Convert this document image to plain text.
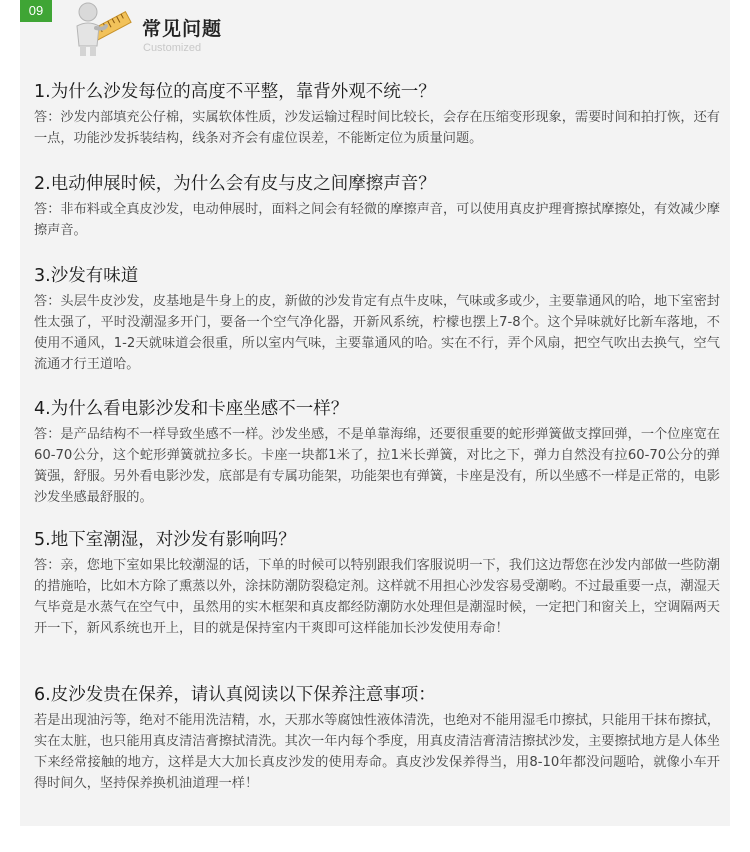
09
常见问题
Customized
1.为什么沙发每位的高度不平整，靠背外观不统一？

答：沙发内部填充公仔棉，实属软体性质，沙发运输过程时间比较长，会存在压缩变形现象，需要时间和拍打恢，还有一点，功能沙发拆装结构，线条对齐会有虚位误差，不能断定位为质量问题。

2.电动伸展时候，为什么会有皮与皮之间摩擦声音？

答：非布料或全真皮沙发，电动伸展时，面料之间会有轻微的摩擦声音，可以使用真皮护理膏擦拭摩擦处，有效减少摩擦声音。

3.沙发有味道

答：头层牛皮沙发，皮基地是牛身上的皮，新做的沙发肯定有点牛皮味，气味或多或少，主要靠通风的哈，地下室密封性太强了，平时没潮湿多开门，要备一个空气净化器，开新风系统，柠檬也摆上7-8个。这个异味就好比新车落地，不使用不通风，1-2天就味道会很重，所以室内气味，主要靠通风的哈。实在不行，弄个风扇，把空气吹出去换气，空气流通才行王道哈。

4.为什么看电影沙发和卡座坐感不一样？

答：是产品结构不一样导致坐感不一样。沙发坐感，不是单靠海绵，还要很重要的蛇形弹簧做支撑回弹，一个位座宽在60-70公分，这个蛇形弹簧就拉多长。卡座一块都1米了，拉1米长弹簧，对比之下，弹力自然没有拉60-70公分的弹簧强，舒服。另外看电影沙发，底部是有专属功能架，功能架也有弹簧，卡座是没有，所以坐感不一样是正常的，电影沙发坐感最舒服的。

5.地下室潮湿，对沙发有影响吗？

答：亲，您地下室如果比较潮湿的话，下单的时候可以特别跟我们客服说明一下，我们这边帮您在沙发内部做一些防潮的措施哈，比如木方除了熏蒸以外，涂抹防潮防裂稳定剂。这样就不用担心沙发容易受潮哟。不过最重要一点，潮湿天气毕竟是水蒸气在空气中，虽然用的实木框架和真皮都经防潮防水处理但是潮湿时候，一定把门和窗关上，空调隔两天开一下，新风系统也开上，目的就是保持室内干爽即可这样能加长沙发使用寿命！

6.皮沙发贵在保养，请认真阅读以下保养注意事项：

若是出现油污等，绝对不能用洗洁精，水，天那水等腐蚀性液体清洗，也绝对不能用湿毛巾擦拭，只能用干抹布擦拭，实在太脏，也只能用真皮清洁膏擦拭清洗。其次一年内每个季度，用真皮清洁膏清洁擦拭沙发，主要擦拭地方是人体坐下来经常接触的地方，这样是大大加长真皮沙发的使用寿命。真皮沙发保养得当，用8-10年都没问题哈，就像小车开得时间久，坚持保养换机油道理一样！
